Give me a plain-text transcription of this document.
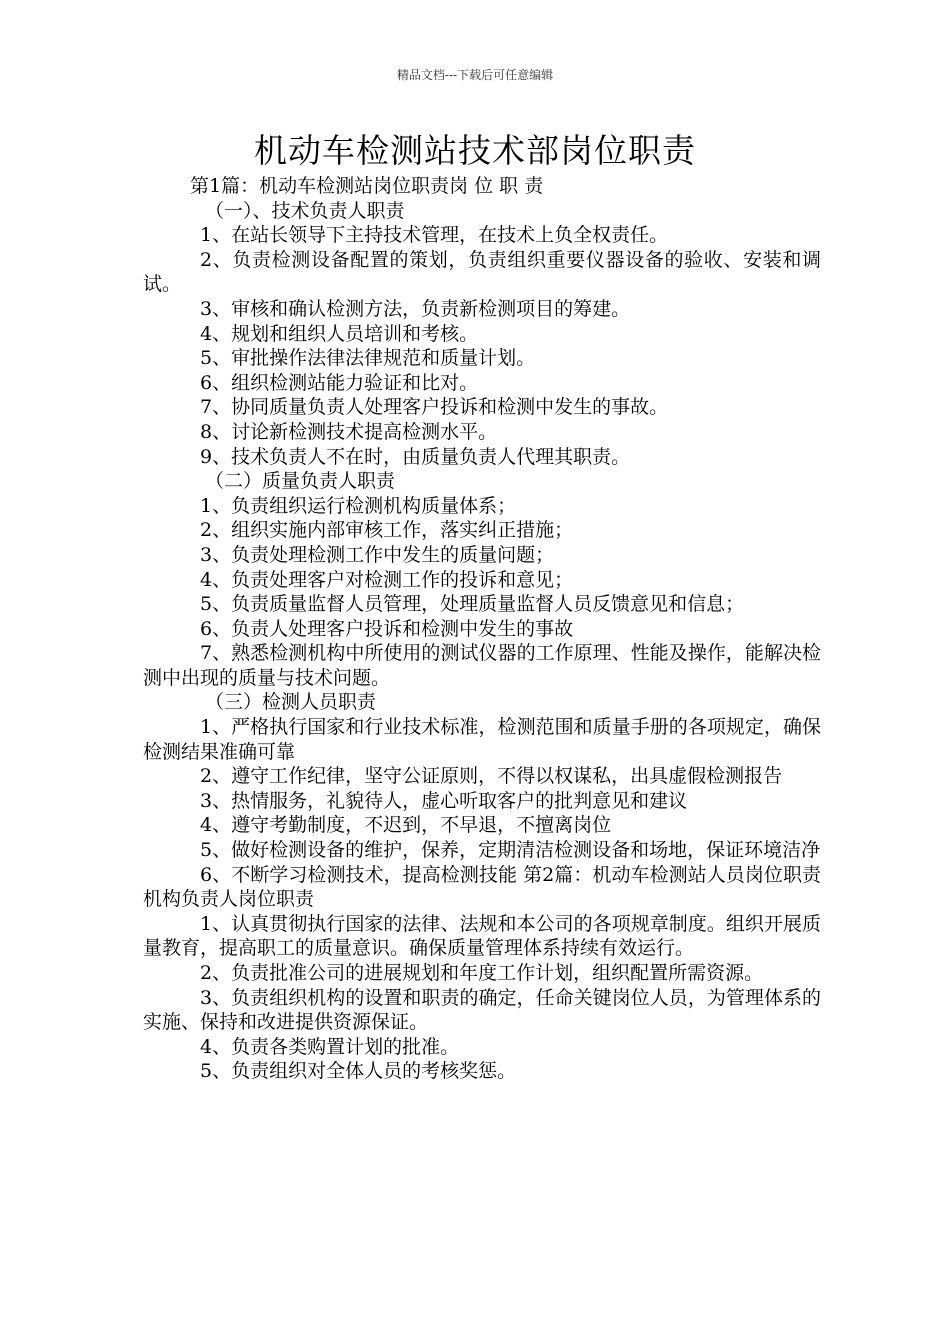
精品文档---下载后可任意编辑
机动车检测站技术部岗位职责

第1篇：机动车检测站岗位职责岗 位 职 责

（一）、技术负责人职责

1、在站长领导下主持技术管理，在技术上负全权责任。

2、负责检测设备配置的策划，负责组织重要仪器设备的验收、安装和调试。

3、审核和确认检测方法，负责新检测项目的筹建。

4、规划和组织人员培训和考核。

5、审批操作法律法律规范和质量计划。

6、组织检测站能力验证和比对。

7、协同质量负责人处理客户投诉和检测中发生的事故。

8、讨论新检测技术提高检测水平。

9、技术负责人不在时，由质量负责人代理其职责。

（二）质量负责人职责

1、负责组织运行检测机构质量体系；

2、组织实施内部审核工作，落实纠正措施；

3、负责处理检测工作中发生的质量问题；

4、负责处理客户对检测工作的投诉和意见；

5、负责质量监督人员管理，处理质量监督人员反馈意见和信息；

6、负责人处理客户投诉和检测中发生的事故

7、熟悉检测机构中所使用的测试仪器的工作原理、性能及操作，能解决检测中出现的质量与技术问题。

（三）检测人员职责

1、严格执行国家和行业技术标准，检测范围和质量手册的各项规定，确保检测结果准确可靠

2、遵守工作纪律，坚守公证原则，不得以权谋私，出具虚假检测报告

3、热情服务，礼貌待人，虚心听取客户的批判意见和建议

4、遵守考勤制度，不迟到，不早退，不擅离岗位

5、做好检测设备的维护，保养，定期清洁检测设备和场地，保证环境洁净

6、不断学习检测技术，提高检测技能 第2篇：机动车检测站人员岗位职责机构负责人岗位职责

1、认真贯彻执行国家的法律、法规和本公司的各项规章制度。组织开展质量教育，提高职工的质量意识。确保质量管理体系持续有效运行。

2、负责批准公司的进展规划和年度工作计划，组织配置所需资源。

3、负责组织机构的设置和职责的确定，任命关键岗位人员，为管理体系的实施、保持和改进提供资源保证。

4、负责各类购置计划的批准。

5、负责组织对全体人员的考核奖惩。
